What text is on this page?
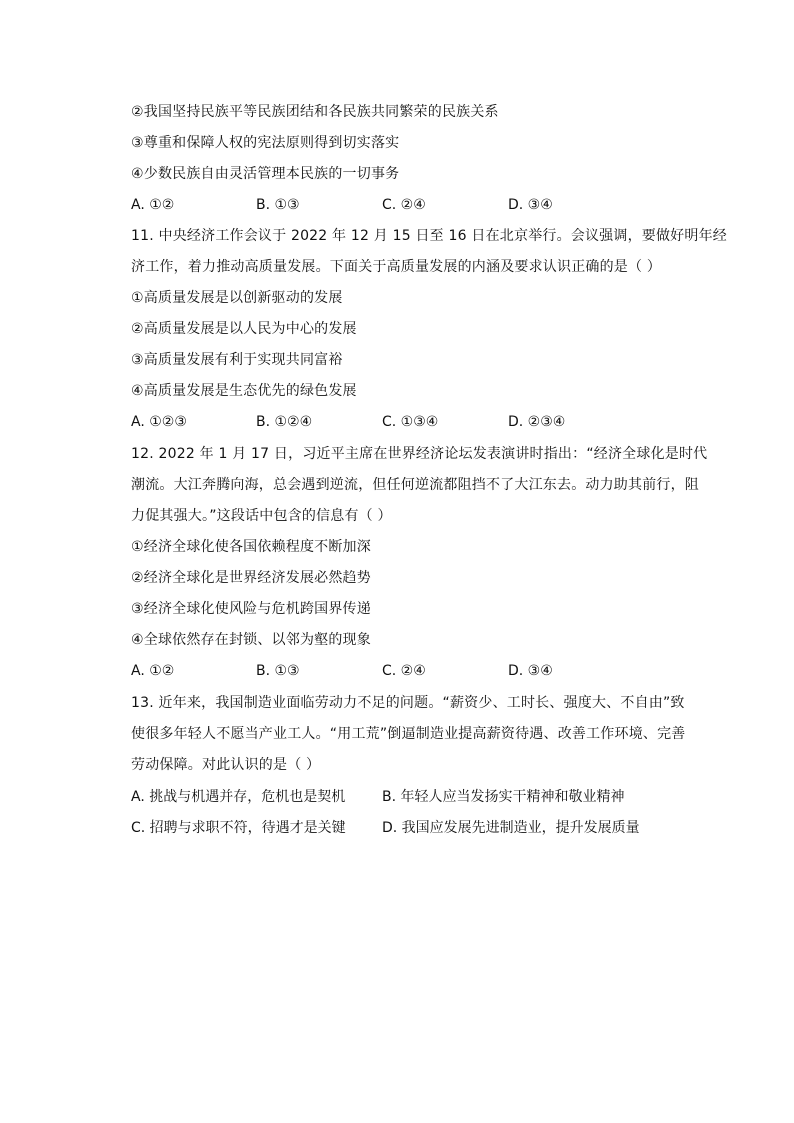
②我国坚持民族平等民族团结和各民族共同繁荣的民族关系
③尊重和保障人权的宪法原则得到切实落实
④少数民族自由灵活管理本民族的一切事务
A. ①②	B. ①③	C. ②④	D. ③④
11. 中央经济工作会议于 2022 年 12 月 15 日至 16 日在北京举行。会议强调，要做好明年经
济工作，着力推动高质量发展。下面关于高质量发展的内涵及要求认识正确的是（ ）
①高质量发展是以创新驱动的发展
②高质量发展是以人民为中心的发展
③高质量发展有利于实现共同富裕
④高质量发展是生态优先的绿色发展
A. ①②③	B. ①②④	C. ①③④	D. ②③④
12. 2022 年 1 月 17 日，习近平主席在世界经济论坛发表演讲时指出：“经济全球化是时代
潮流。大江奔腾向海，总会遇到逆流，但任何逆流都阻挡不了大江东去。动力助其前行，阻
力促其强大。”这段话中包含的信息有（ ）
①经济全球化使各国依赖程度不断加深
②经济全球化是世界经济发展必然趋势
③经济全球化使风险与危机跨国界传递
④全球依然存在封锁、以邻为壑的现象
A. ①②	B. ①③	C. ②④	D. ③④
13. 近年来，我国制造业面临劳动力不足的问题。“薪资少、工时长、强度大、不自由”致
使很多年轻人不愿当产业工人。“用工荒”倒逼制造业提高薪资待遇、改善工作环境、完善
劳动保障。对此认识的是（ ）
A. 挑战与机遇并存，危机也是契机	B. 年轻人应当发扬实干精神和敬业精神
C. 招聘与求职不符，待遇才是关键	D. 我国应发展先进制造业，提升发展质量
